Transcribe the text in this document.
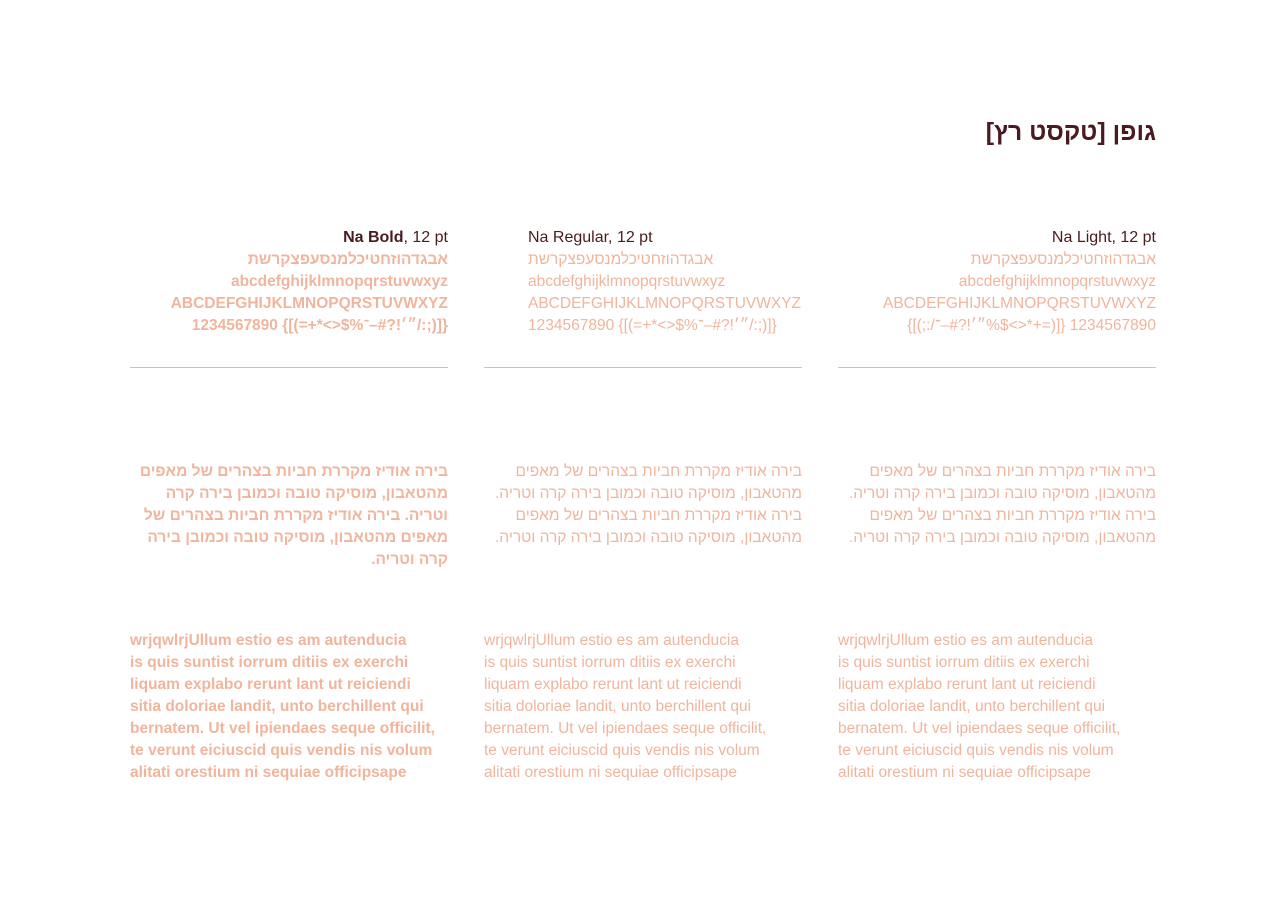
גופן [טקסט רץ]
Na Bold, 12 pt
אבגדהוזחטיכלמנסעפצקרשת
abcdefghijklmnopqrstuvwxyz
ABCDEFGHIJKLMNOPQRSTUVWXYZ
1234567890 {[(=+*<>$%״׳!?#–־/:;)]}

בירה אודיז מקררת חביות בצהרים של מאפים מהטאבון, מוסיקה טובה וכמובן בירה קרה וטריה. בירה אודיז מקררת חביות בצהרים של מאפים מהטאבון, מוסיקה טובה וכמובן בירה קרה וטריה.

wrjqwlrjUllum estio es am autenducia
is quis suntist iorrum ditiis ex exerchi
liquam explabo rerunt lant ut reiciendi
sitia doloriae landit, unto berchillent qui
bernatem. Ut vel ipiendaes seque officilit,
te verunt eiciuscid quis vendis nis volum
alitati orestium ni sequiae officipsape
Na Regular, 12 pt
אבגדהוזחטיכלמנסעפצקרשת
abcdefghijklmnopqrstuvwxyz
ABCDEFGHIJKLMNOPQRSTUVWXYZ
1234567890 {[(=+*<>$%״׳!?#–־/:;)]}

בירה אודיז מקררת חביות בצהרים של מאפים מהטאבון, מוסיקה טובה וכמובן בירה קרה וטריה. בירה אודיז מקררת חביות בצהרים של מאפים מהטאבון, מוסיקה טובה וכמובן בירה קרה וטריה.

wrjqwlrjUllum estio es am autenducia
is quis suntist iorrum ditiis ex exerchi
liquam explabo rerunt lant ut reiciendi
sitia doloriae landit, unto berchillent qui
bernatem. Ut vel ipiendaes seque officilit,
te verunt eiciuscid quis vendis nis volum
alitati orestium ni sequiae officipsape
Na Light, 12 pt
אבגדהוזחטיכלמנסעפצקרשת
abcdefghijklmnopqrstuvwxyz
ABCDEFGHIJKLMNOPQRSTUVWXYZ
1234567890 {[(=+*<>$%״׳!?#–־/:;)]}

בירה אודיז מקררת חביות בצהרים של מאפים מהטאבון, מוסיקה טובה וכמובן בירה קרה וטריה. בירה אודיז מקררת חביות בצהרים של מאפים מהטאבון, מוסיקה טובה וכמובן בירה קרה וטריה.

wrjqwlrjUllum estio es am autenducia
is quis suntist iorrum ditiis ex exerchi
liquam explabo rerunt lant ut reiciendi
sitia doloriae landit, unto berchillent qui
bernatem. Ut vel ipiendaes seque officilit,
te verunt eiciuscid quis vendis nis volum
alitati orestium ni sequiae officipsape
